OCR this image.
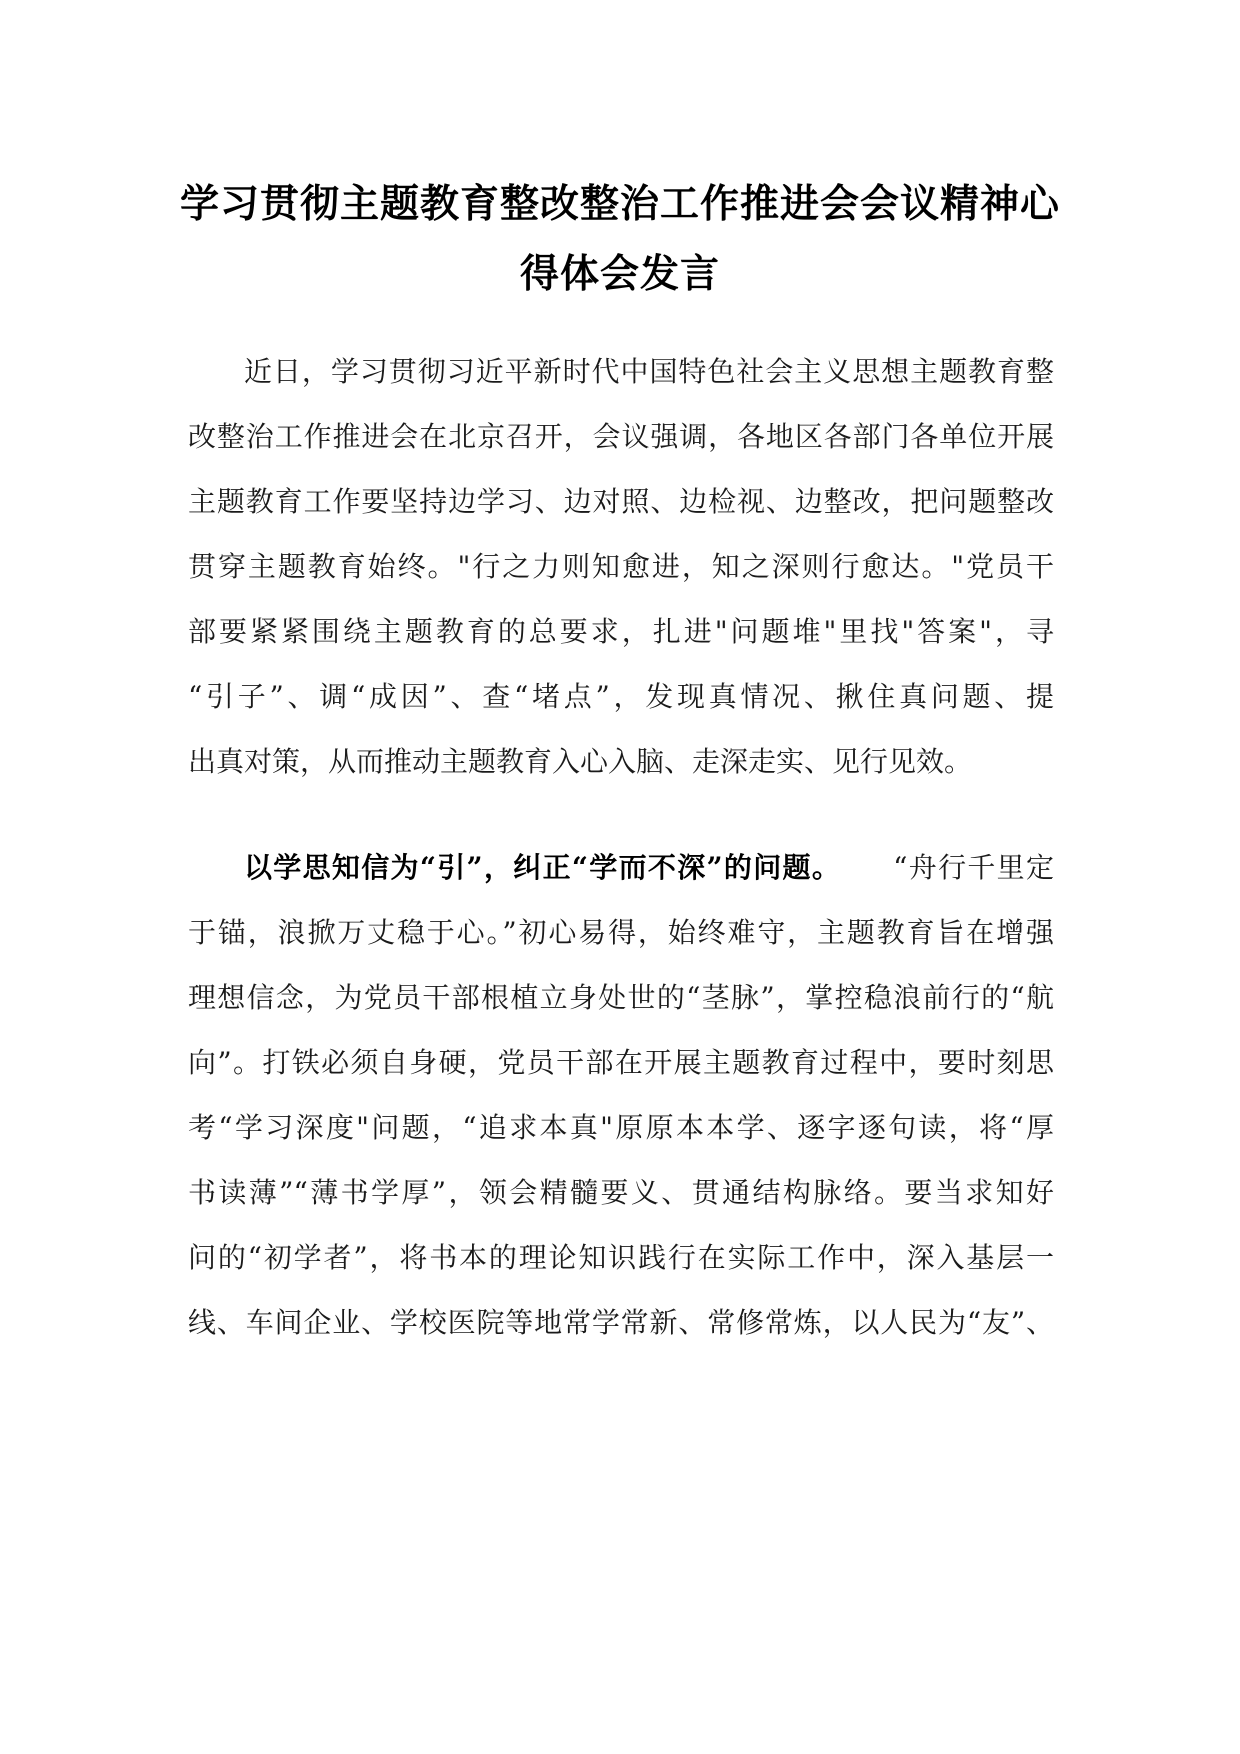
学习贯彻主题教育整改整治工作推进会会议精神心
得体会发言
近日，学习贯彻习近平新时代中国特色社会主义思想主题教育整
改整治工作推进会在北京召开，会议强调，各地区各部门各单位开展
主题教育工作要坚持边学习、边对照、边检视、边整改，把问题整改
贯穿主题教育始终。"行之力则知愈进，知之深则行愈达。"党员干
部要紧紧围绕主题教育的总要求，扎进"问题堆"里找"答案"，寻
“引子”、调“成因”、查“堵点”，发现真情况、揪住真问题、提
出真对策，从而推动主题教育入心入脑、走深走实、见行见效。
以学思知信为“引”，纠正“学而不深”的问题。 “舟行千里定
于锚，浪掀万丈稳于心。”初心易得，始终难守，主题教育旨在增强
理想信念，为党员干部根植立身处世的“茎脉”，掌控稳浪前行的“航
向”。打铁必须自身硬，党员干部在开展主题教育过程中，要时刻思
考“学习深度"问题，“追求本真"原原本本学、逐字逐句读，将“厚
书读薄”“薄书学厚”，领会精髓要义、贯通结构脉络。要当求知好
问的“初学者”，将书本的理论知识践行在实际工作中，深入基层一
线、车间企业、学校医院等地常学常新、常修常炼，以人民为“友”、
